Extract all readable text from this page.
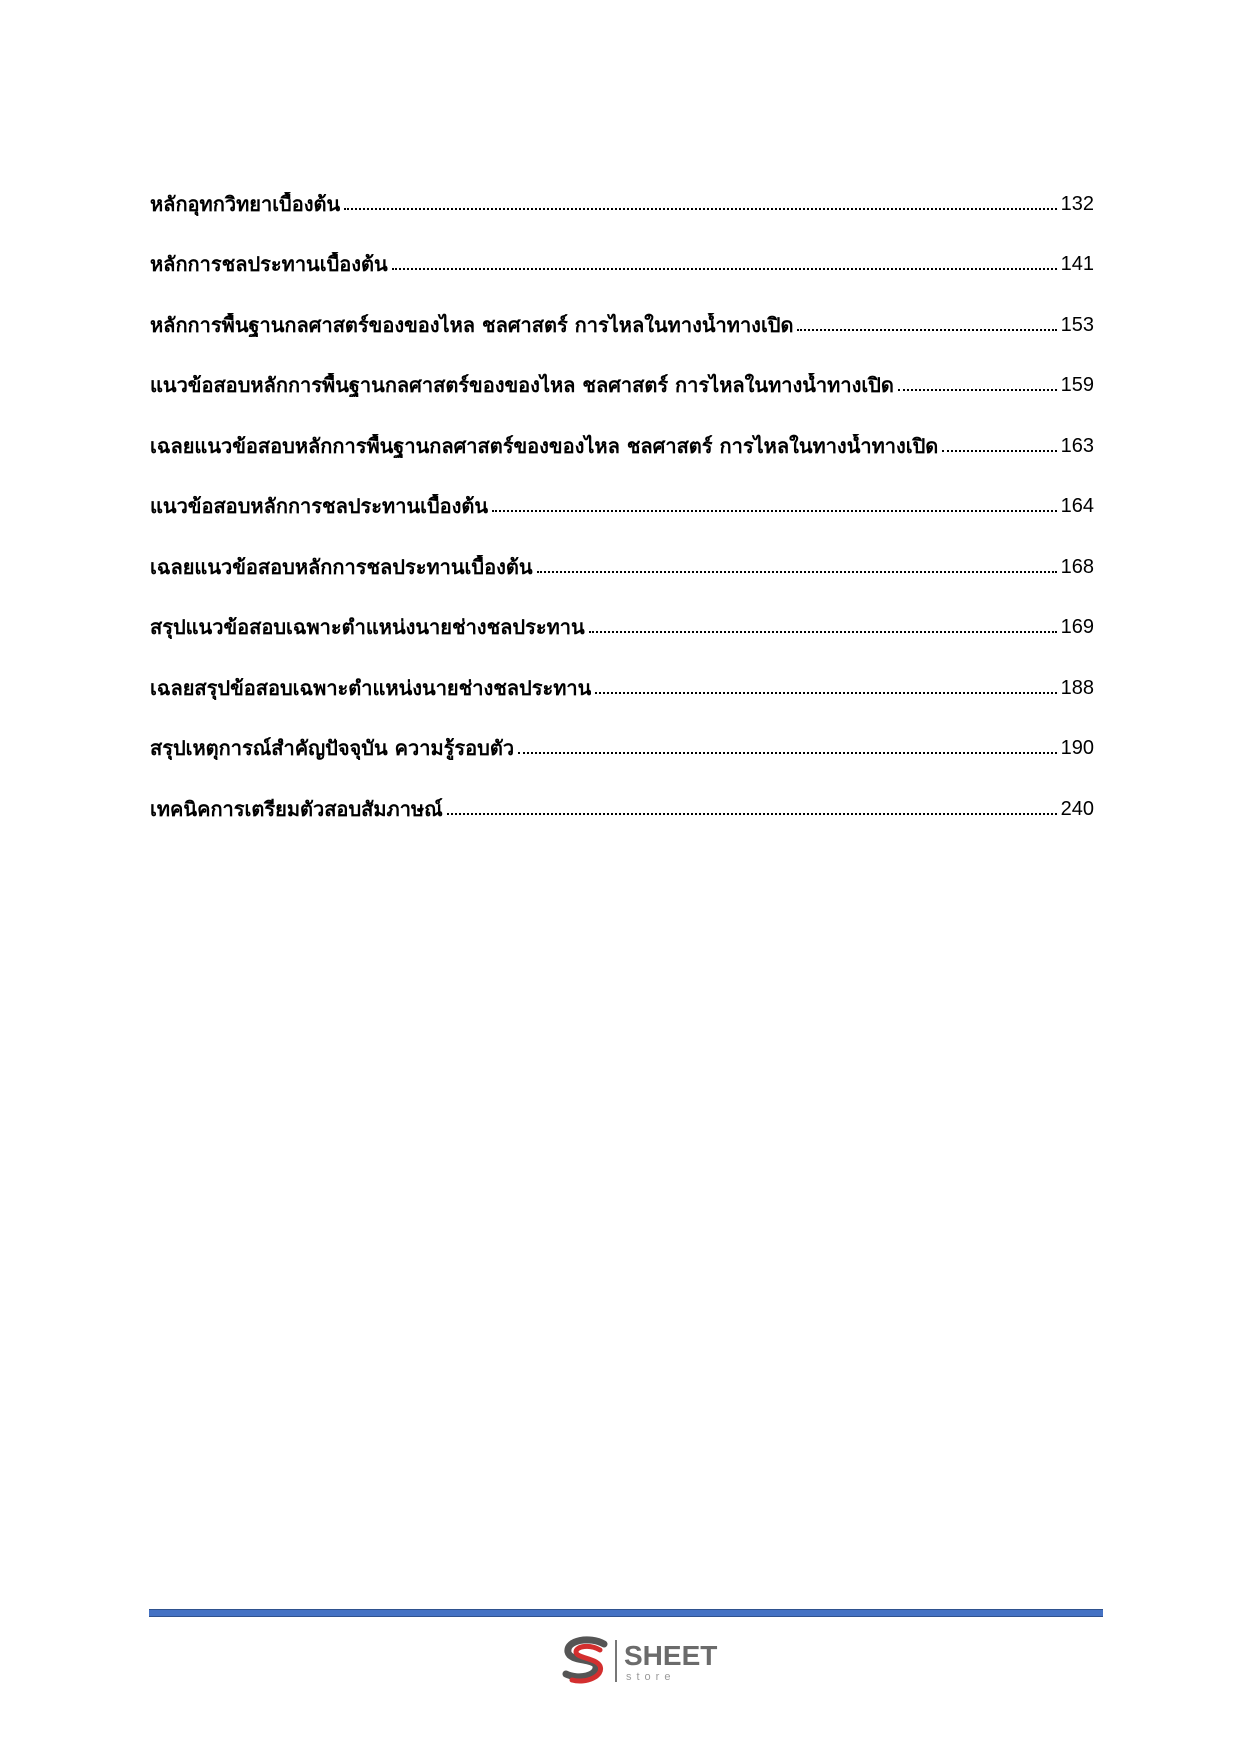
หลักอุทกวิทยาเบื้องต้น	132
หลักการชลประทานเบื้องต้น	141
หลักการพื้นฐานกลศาสตร์ของของไหล ชลศาสตร์ การไหลในทางน้ำทางเปิด	153
แนวข้อสอบหลักการพื้นฐานกลศาสตร์ของของไหล ชลศาสตร์ การไหลในทางน้ำทางเปิด	159
เฉลยแนวข้อสอบหลักการพื้นฐานกลศาสตร์ของของไหล ชลศาสตร์ การไหลในทางน้ำทางเปิด	163
แนวข้อสอบหลักการชลประทานเบื้องต้น	164
เฉลยแนวข้อสอบหลักการชลประทานเบื้องต้น	168
สรุปแนวข้อสอบเฉพาะตำแหน่งนายช่างชลประทาน	169
เฉลยสรุปข้อสอบเฉพาะตำแหน่งนายช่างชลประทาน	188
สรุปเหตุการณ์สำคัญปัจจุบัน ความรู้รอบตัว	190
เทคนิคการเตรียมตัวสอบสัมภาษณ์	240
SHEET
store
